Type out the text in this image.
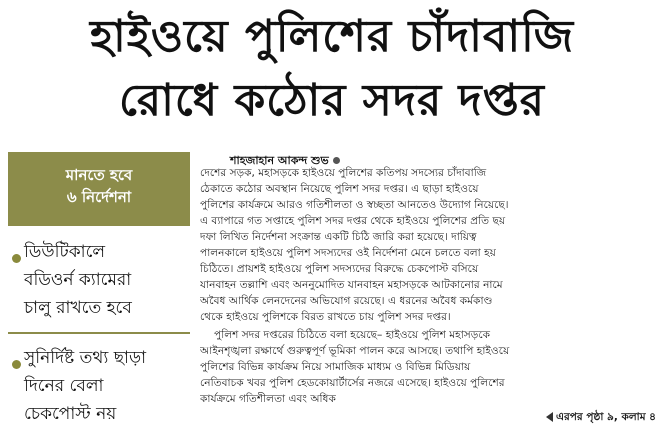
হাইওয়ে পুলিশের চাঁদাবাজি
রোধে কঠোর সদর দপ্তর
মানতে হবে
৬ নির্দেশনা
ডিউটিকালে
বডিওর্ন ক্যামেরা
চালু রাখতে হবে
সুনির্দিষ্ট তথ্য ছাড়া
দিনের বেলা
চেকপোস্ট নয়
শাহজাহান আকন্দ শুভ
দেশের সড়ক, মহাসড়কে হাইওয়ে পুলিশের কতিপয় সদস্যের চাঁদাবাজি
ঠেকাতে কঠোর অবস্থান নিয়েছে পুলিশ সদর দপ্তর। এ ছাড়া হাইওয়ে
পুলিশের কার্যক্রমে আরও গতিশীলতা ও স্বচ্ছতা আনতেও উদ্যোগ নিয়েছে।
এ ব্যাপারে গত সপ্তাহে পুলিশ সদর দপ্তর থেকে হাইওয়ে পুলিশের প্রতি ছয়
দফা লিখিত নির্দেশনা সংক্রান্ত একটি চিঠি জারি করা হয়েছে। দায়িত্ব
পালনকালে হাইওয়ে পুলিশ সদস্যদের ওই নির্দেশনা মেনে চলতে বলা হয়
চিঠিতে। প্রায়শই হাইওয়ে পুলিশ সদস্যদের বিরুদ্ধে চেকপোস্ট বসিয়ে
যানবাহন তল্লাশি এবং অননুমোদিত যানবাহন মহাসড়কে আটকানোর নামে
অবৈধ আর্থিক লেনদেনের অভিযোগ রয়েছে। এ ধরনের অবৈধ কর্মকাণ্ড
থেকে হাইওয়ে পুলিশকে বিরত রাখতে চায় পুলিশ সদর দপ্তর।
পুলিশ সদর দপ্তরের চিঠিতে বলা হয়েছে– হাইওয়ে পুলিশ মহাসড়কে
আইনশৃঙ্খলা রক্ষার্থে গুরুত্বপূর্ণ ভূমিকা পালন করে আসছে। তথাপি হাইওয়ে
পুলিশের বিভিন্ন কার্যক্রম নিয়ে সামাজিক মাধ্যম ও বিভিন্ন মিডিয়ায়
নেতিবাচক খবর পুলিশ হেডকোয়ার্টার্সের নজরে এসেছে। হাইওয়ে পুলিশের
কার্যক্রমে গতিশীলতা এবং অধিক
এরপর পৃষ্ঠা ৯, কলাম ৪
